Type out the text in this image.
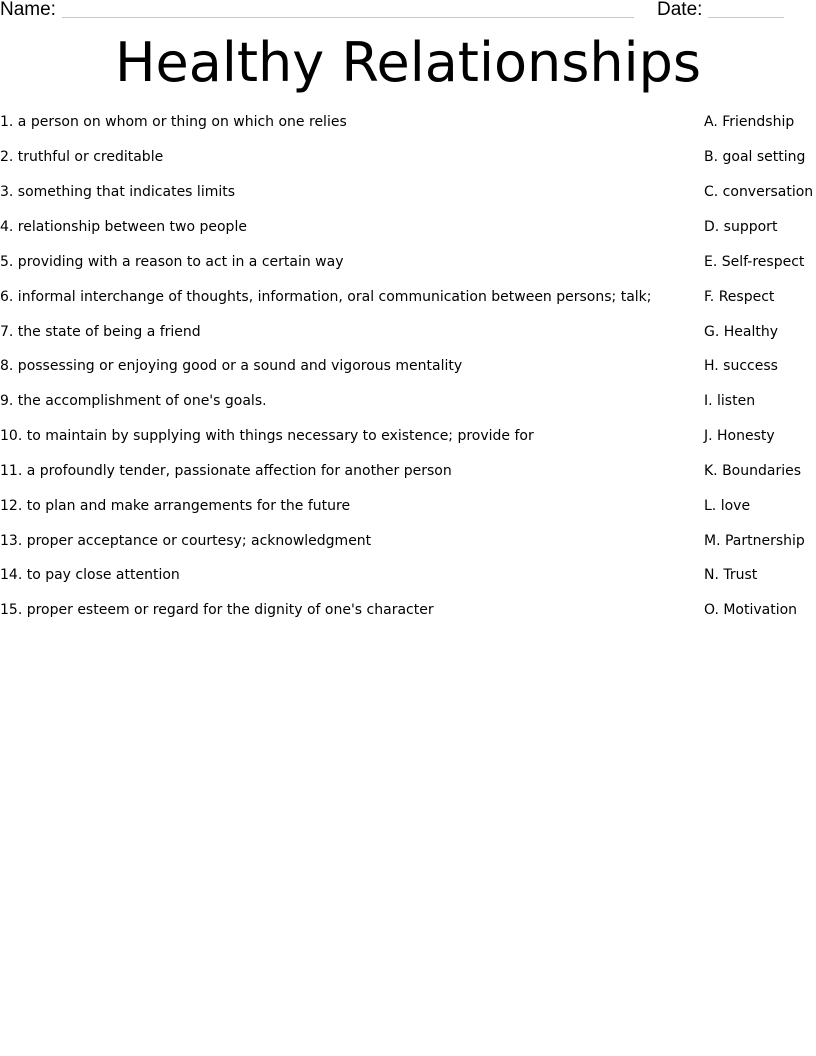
Name:	Date:
Healthy Relationships
1. a person on whom or thing on which one relies	A. Friendship
2. truthful or creditable	B. goal setting
3. something that indicates limits	C. conversation
4. relationship between two people	D. support
5. providing with a reason to act in a certain way	E. Self-respect
6. informal interchange of thoughts, information, oral communication between persons; talk;	F. Respect
7. the state of being a friend	G. Healthy
8. possessing or enjoying good or a sound and vigorous mentality	H. success
9. the accomplishment of one's goals.	I. listen
10. to maintain by supplying with things necessary to existence; provide for	J. Honesty
11. a profoundly tender, passionate affection for another person	K. Boundaries
12. to plan and make arrangements for the future	L. love
13. proper acceptance or courtesy; acknowledgment	M. Partnership
14. to pay close attention	N. Trust
15. proper esteem or regard for the dignity of one's character	O. Motivation
